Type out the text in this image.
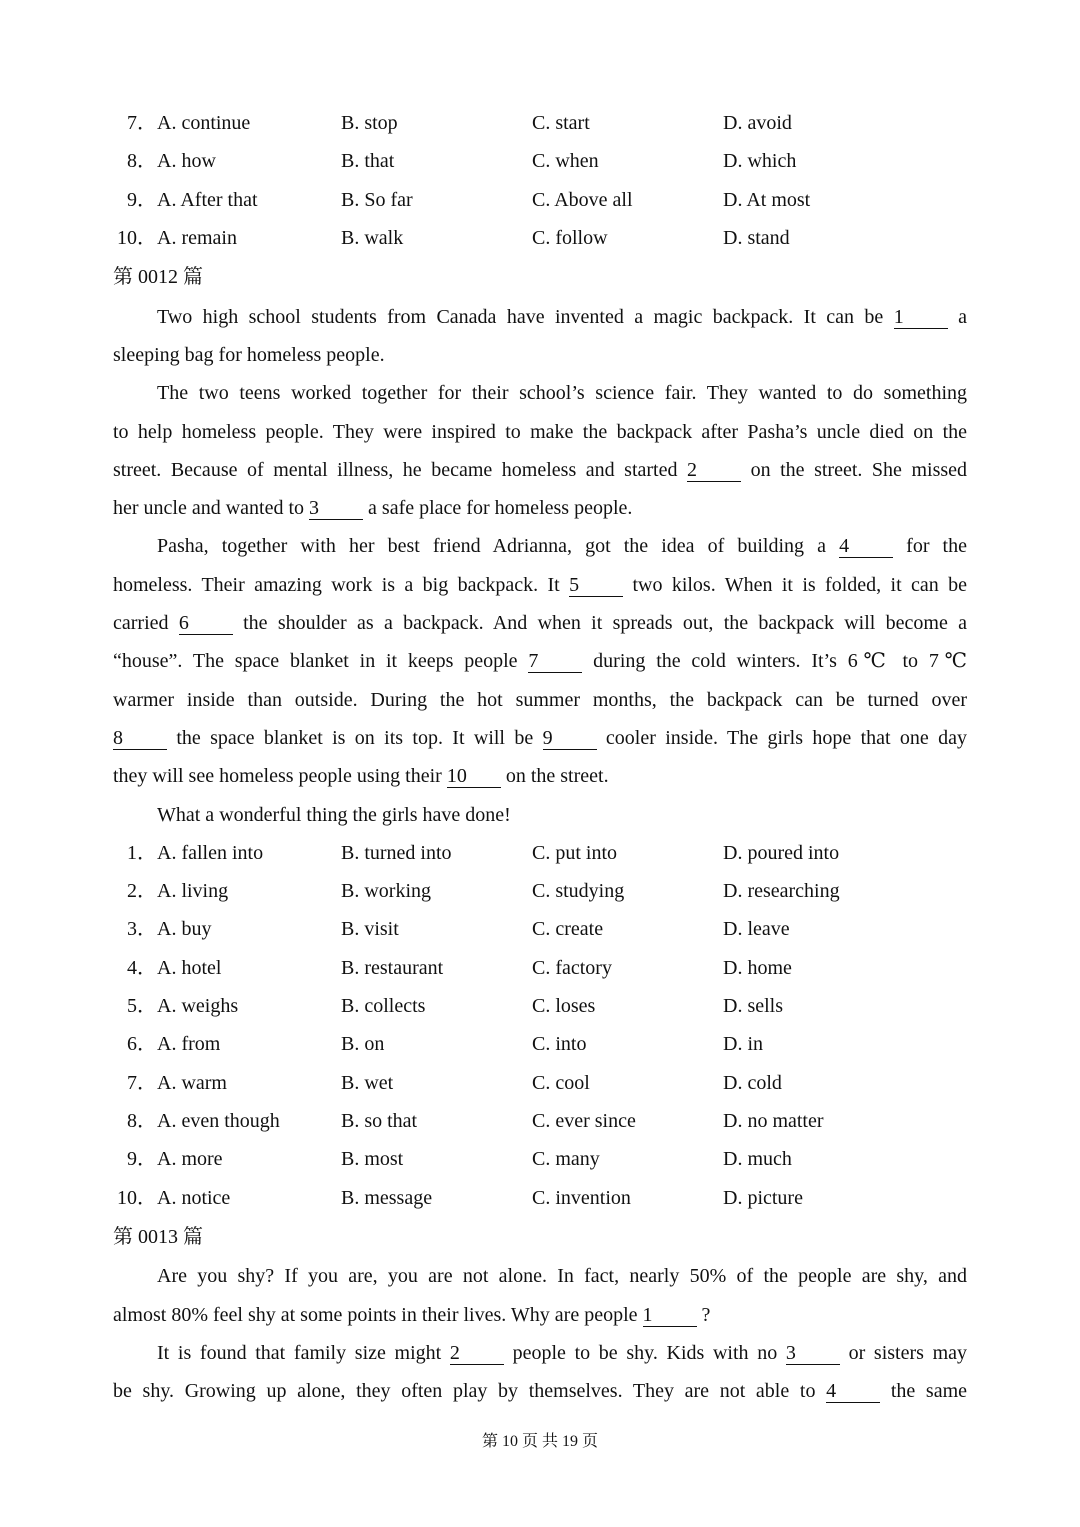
7． A. continue	B. stop	C. start	D. avoid
8． A. how	B. that	C. when	D. which
9． A. After that	B. So far	C. Above all	D. At most
10． A. remain	B. walk	C. follow	D. stand
第 0012 篇
Two high school students from Canada have invented a magic backpack. It can be 1	a
sleeping bag for homeless people.
The two teens worked together for their school’s science fair. They wanted to do something
to help homeless people. They were inspired to make the backpack after Pasha’s uncle died on the
street. Because of mental illness, he became homeless and started 2	on the street. She missed
her uncle and wanted to 3 a safe place for homeless people.
Pasha, together with her best friend Adrianna, got the idea of building a 4	for the
homeless. Their amazing work is a big backpack. It 5	two kilos. When it is folded, it can be
carried 6	the shoulder as a backpack. And when it spreads out, the backpack will become a
“house”. The space blanket in it keeps people 7	during the cold winters. It’s 6℃ to 7℃
warmer inside than outside. During the hot summer months, the backpack can be turned over
8	the space blanket is on its top. It will be 9	cooler inside. The girls hope that one day
they will see homeless people using their 10 on the street.
What a wonderful thing the girls have done!
1． A. fallen into	B. turned into	C. put into	D. poured into
2． A. living	B. working	C. studying	D. researching
3． A. buy	B. visit	C. create	D. leave
4． A. hotel	B. restaurant	C. factory	D. home
5． A. weighs	B. collects	C. loses	D. sells
6． A. from	B. on	C. into	D. in
7． A. warm	B. wet	C. cool	D. cold
8． A. even though	B. so that	C. ever since	D. no matter
9． A. more	B. most	C. many	D. much
10． A. notice	B. message	C. invention	D. picture
第 0013 篇
Are you shy? If you are, you are not alone. In fact, nearly 50% of the people are shy, and
almost 80% feel shy at some points in their lives. Why are people 1 ?
It is found that family size might 2	people to be shy. Kids with no 3	or sisters may
be shy. Growing up alone, they often play by themselves. They are not able to 4	the same
第 10 页 共 19 页
